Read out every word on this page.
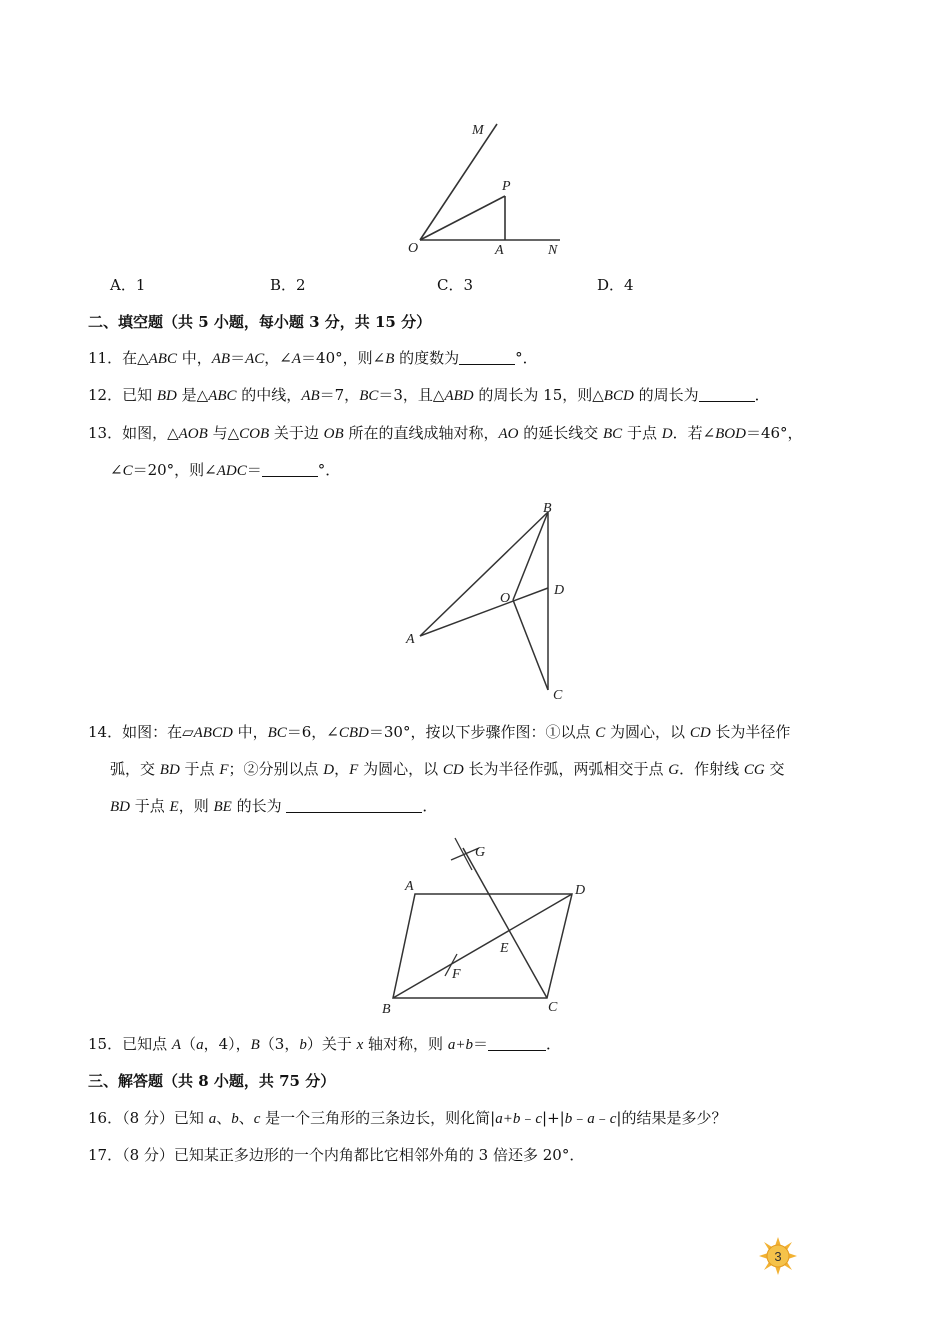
M
P
O	A	N
A．1	B．2	C．3	D．4
二、填空题（共 5 小题，每小题 3 分，共 15 分）
11．在△ABC 中，AB＝AC，∠A＝40°，则∠B 的度数为	°．
12．已知 BD 是△ABC 的中线，AB＝7，BC＝3，且△ABD 的周长为 15，则△BCD 的周长为	．
13．如图，△AOB 与△COB 关于边 OB 所在的直线成轴对称，AO 的延长线交 BC 于点 D．若∠BOD＝46°，
∠C＝20°，则∠ADC＝	°．
B
O
D
A
C
14．如图：在▱ABCD 中，BC＝6，∠CBD＝30°，按以下步骤作图：①以点 C 为圆心，以 CD 长为半径作
弧，交 BD 于点 F；②分别以点 D，F 为圆心，以 CD 长为半径作弧，两弧相交于点 G．作射线 CG 交
BD 于点 E，则 BE 的长为	．
G
A	D
E
F
B	C
15．已知点 A（a，4），B（3，b）关于 x 轴对称，则 a+b＝	．
三、解答题（共 8 小题，共 75 分）
16．（8 分）已知 a、b、c 是一个三角形的三条边长，则化简|a+b﹣c|+|b﹣a﹣c|的结果是多少？
17．（8 分）已知某正多边形的一个内角都比它相邻外角的 3 倍还多 20°．
3
